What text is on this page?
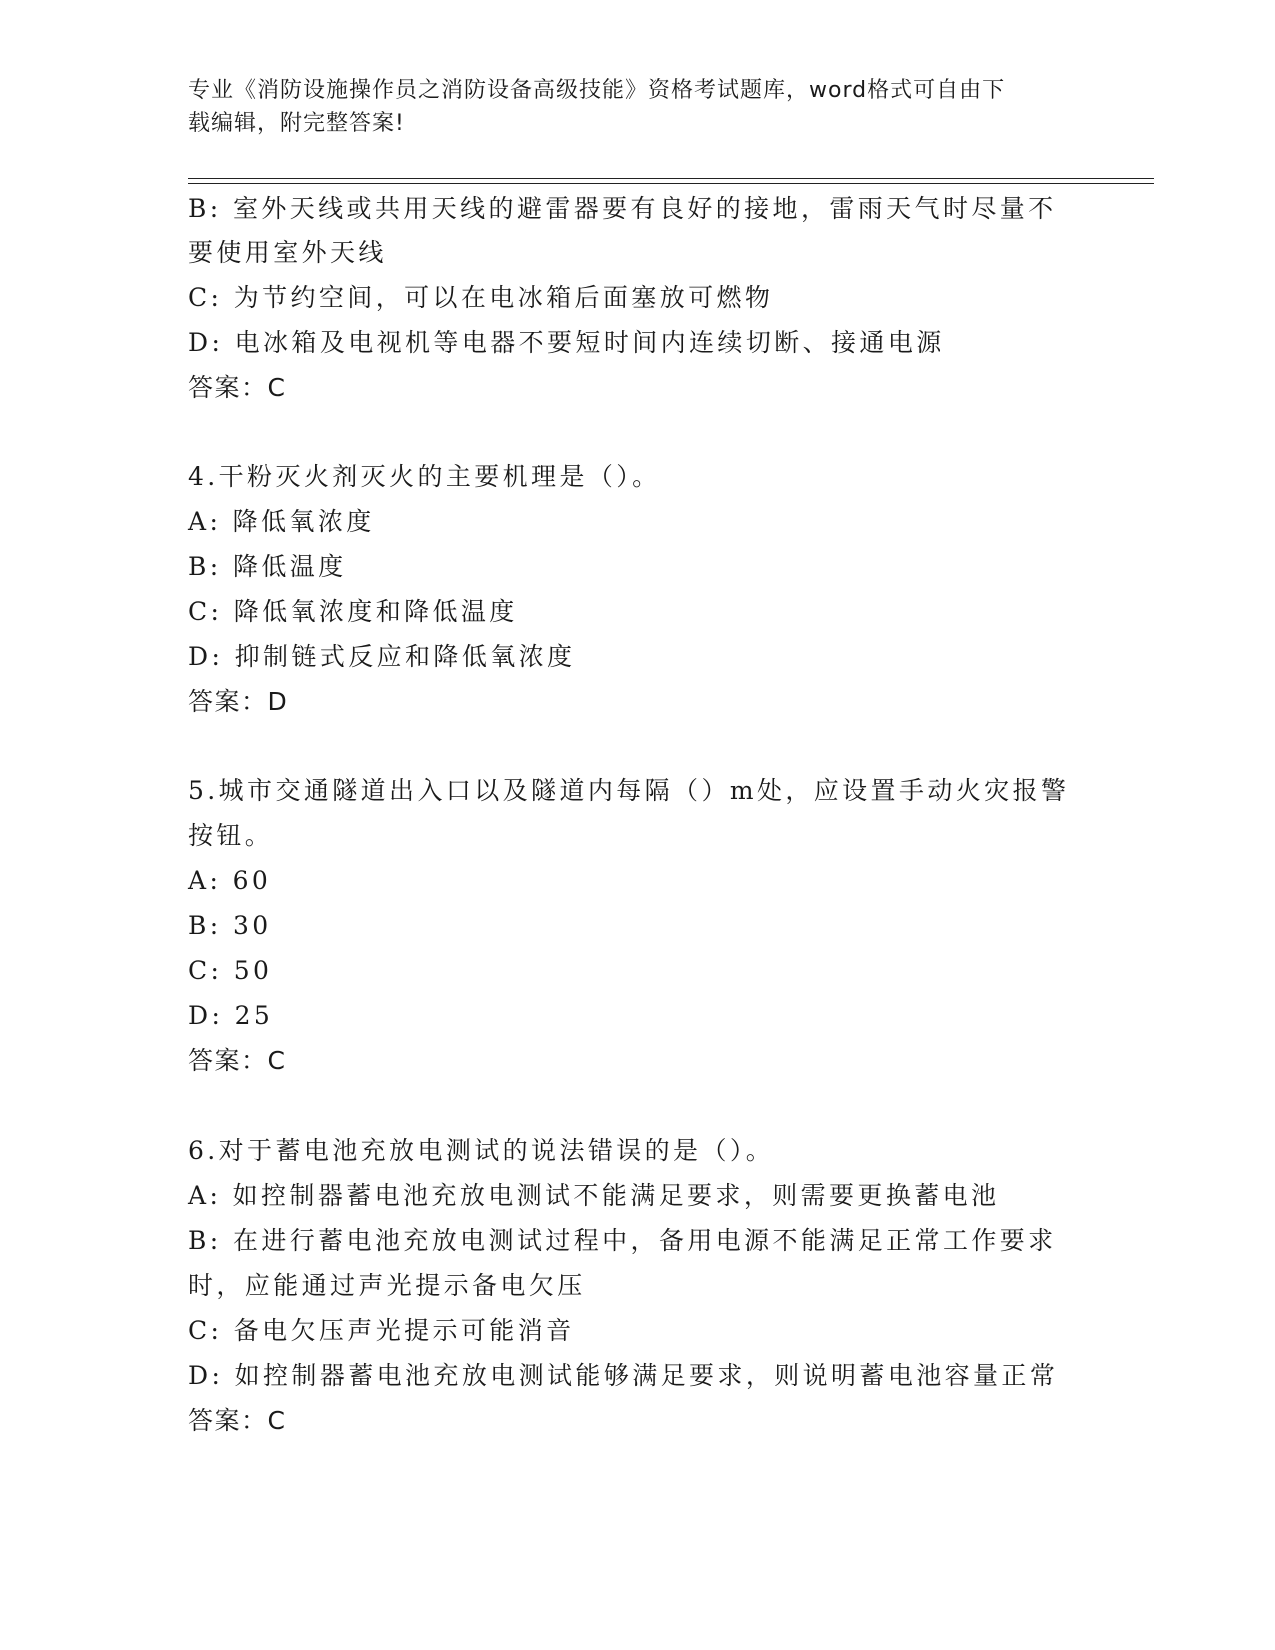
专业《消防设施操作员之消防设备高级技能》资格考试题库，word格式可自由下
载编辑，附完整答案!
B: 室外天线或共用天线的避雷器要有良好的接地，雷雨天气时尽量不
要使用室外天线
C: 为节约空间，可以在电冰箱后面塞放可燃物
D: 电冰箱及电视机等电器不要短时间内连续切断、接通电源
答案：C
4.干粉灭火剂灭火的主要机理是（）。
A: 降低氧浓度
B: 降低温度
C: 降低氧浓度和降低温度
D: 抑制链式反应和降低氧浓度
答案：D
5.城市交通隧道出入口以及隧道内每隔（）m处，应设置手动火灾报警
按钮。
A: 60
B: 30
C: 50
D: 25
答案：C
6.对于蓄电池充放电测试的说法错误的是（）。
A: 如控制器蓄电池充放电测试不能满足要求，则需要更换蓄电池
B: 在进行蓄电池充放电测试过程中，备用电源不能满足正常工作要求
时，应能通过声光提示备电欠压
C: 备电欠压声光提示可能消音
D: 如控制器蓄电池充放电测试能够满足要求，则说明蓄电池容量正常
答案：C
